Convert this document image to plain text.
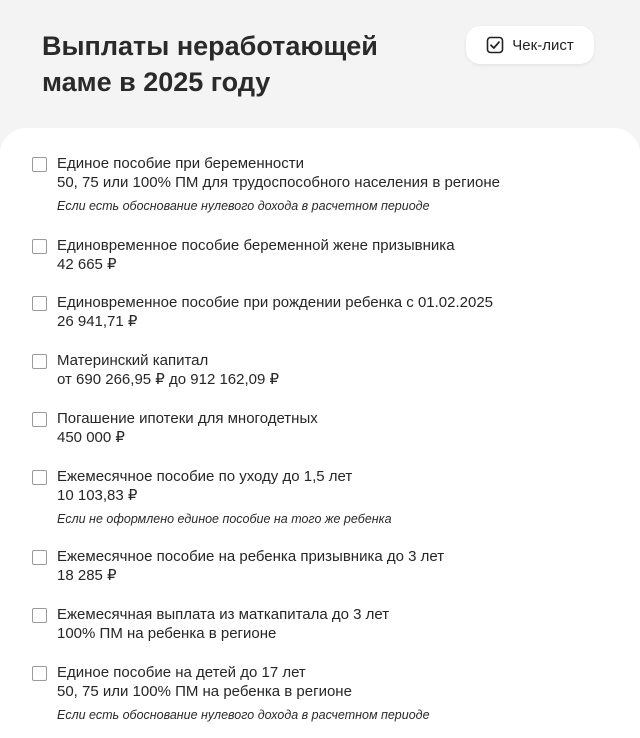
Выплаты неработающей
маме в 2025 году
Чек-лист
Единое пособие при беременности
50, 75 или 100% ПМ для трудоспособного населения в регионе
Если есть обоснование нулевого дохода в расчетном периоде
Единовременное пособие беременной жене призывника
42 665 ₽
Единовременное пособие при рождении ребенка с 01.02.2025
26 941,71 ₽
Материнский капитал
от 690 266,95 ₽ до 912 162,09 ₽
Погашение ипотеки для многодетных
450 000 ₽
Ежемесячное пособие по уходу до 1,5 лет
10 103,83 ₽
Если не оформлено единое пособие на того же ребенка
Ежемесячное пособие на ребенка призывника до 3 лет
18 285 ₽
Ежемесячная выплата из маткапитала до 3 лет
100% ПМ на ребенка в регионе
Единое пособие на детей до 17 лет
50, 75 или 100% ПМ на ребенка в регионе
Если есть обоснование нулевого дохода в расчетном периоде
